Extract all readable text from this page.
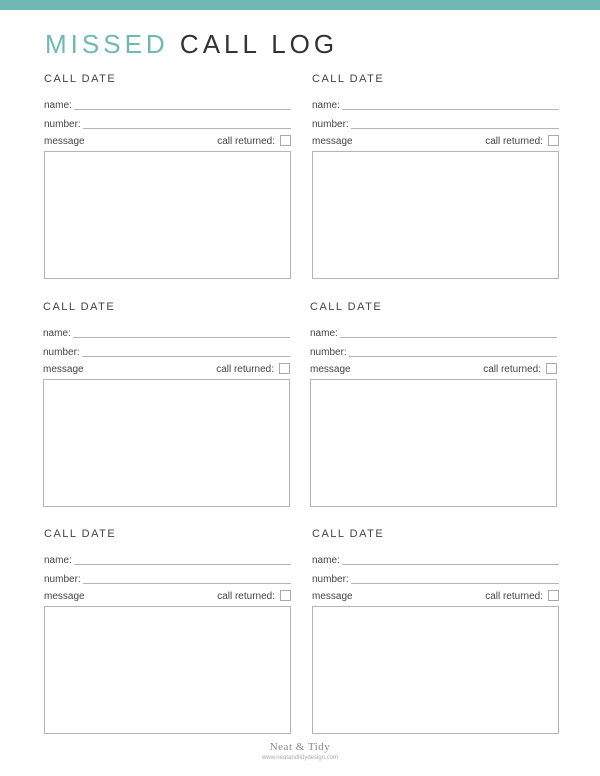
MISSED CALL LOG
CALL DATE
name:
number:
message	call returned:
CALL DATE
name:
number:
message	call returned:
CALL DATE
name:
number:
message	call returned:
CALL DATE
name:
number:
message	call returned:
CALL DATE
name:
number:
message	call returned:
CALL DATE
name:
number:
message	call returned:
Neat & Tidy
www.neatandtidydesign.com
